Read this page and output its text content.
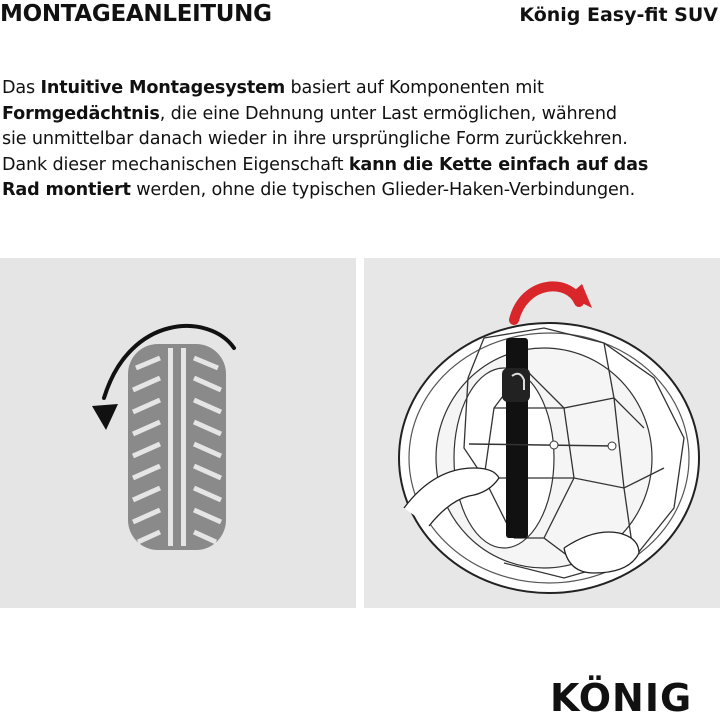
MONTAGEANLEITUNG	König Easy-fit SUV

Das Intuitive Montagesystem basiert auf Komponenten mit

Formgedächtnis, die eine Dehnung unter Last ermöglichen, während

sie unmittelbar danach wieder in ihre ursprüngliche Form zurückkehren.

Dank dieser mechanischen Eigenschaft kann die Kette einfach auf das

Rad montiert werden, ohne die typischen Glieder-Haken-Verbindungen.

KÖNIG
